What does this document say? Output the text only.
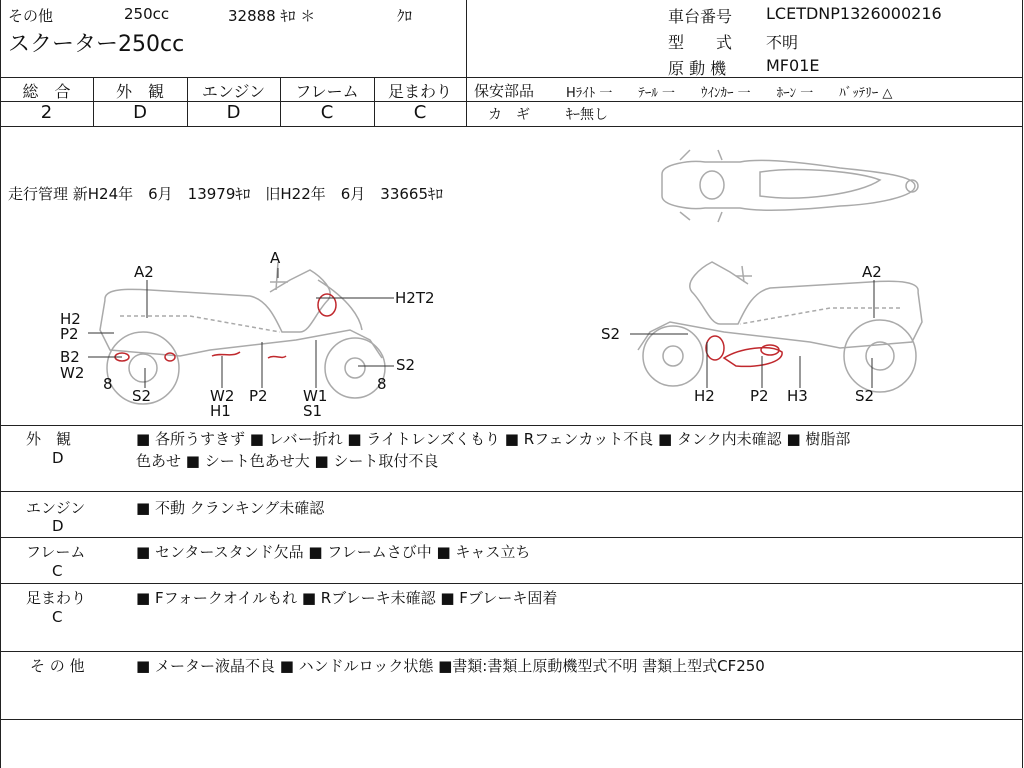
その他	250cc	32888 ｷﾛ ＊	ｸﾛ
スクーター250cc
車台番号 LCETDNP1326000216
型　　式 不明
原 動 機 MF01E
総　合	外　観	エンジン	フレーム	足まわり
2	D	D	C	C
保安部品 Hﾗｲﾄ 一　　ﾃｰﾙ 一　　ｳｲﾝｶｰ 一　　ﾎｰﾝ 一　　ﾊﾞｯﾃﾘｰ △
カ　ギ	ｷｰ無し
走行管理 新H24年　6月　13979ｷﾛ　旧H22年　6月　33665ｷﾛ
A2
A
H2T2
H2
P2
B2
W2
8
S2	W2
H1
P2 W1
S1
S2
8
A2
S2
H2 P2 H3	S2
外　観
D
■ 各所うすきず ■ レバー折れ ■ ライトレンズくもり ■ Rフェンカット不良 ■ タンク内未確認 ■ 樹脂部
色あせ ■ シート色あせ大 ■ シート取付不良
エンジン
D
■ 不動 クランキング未確認
フレーム
C
■ センタースタンド欠品 ■ フレームさび中 ■ キャス立ち
足まわり
C
■ Fフォークオイルもれ ■ Rブレーキ未確認 ■ Fブレーキ固着
そ の 他	■ メーター液晶不良 ■ ハンドルロック状態 ■書類:書類上原動機型式不明 書類上型式CF250
